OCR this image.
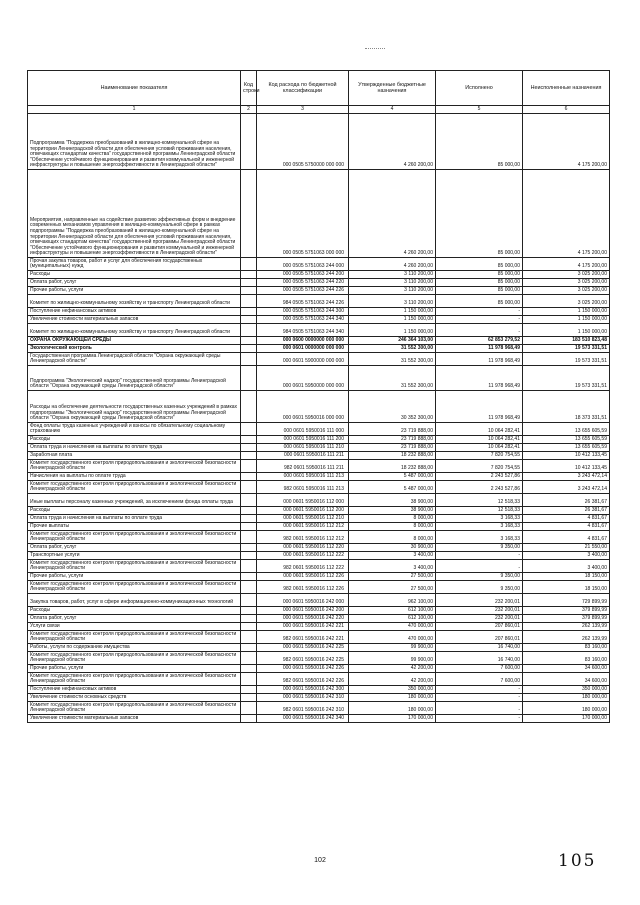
Наименование показателя	Код строки	Код расхода по бюджетной классификации	Утвержденные бюджетные назначения	Исполнено	Неисполненные назначения
1	2	3	4	5	6
Подпрограмма "Поддержка преобразований в жилищно-коммунальной сфере на территории Ленинградской области для обеспечения условий проживания населения, отвечающих стандартам качества" государственной программы Ленинградской области "Обеспечение устойчивого функционирования и развития коммунальной и инженерной инфраструктуры и повышение энергоэффективности в Ленинградской области"		000 0505 5750000 000 000	4 260 200,00	85 000,00	4 175 200,00
Мероприятия, направленные на содействие развитию эффективных форм и внедрение современных механизмов управления в жилищно-коммунальной сфере в рамках подпрограммы "Поддержка преобразований в жилищно-коммунальной сфере на территории Ленинградской области для обеспечения условий проживания населения, отвечающих стандартам качества" государственной программы Ленинградской области "Обеспечение устойчивого функционирования и развития коммунальной и инженерной инфраструктуры и повышение энергоэффективности в Ленинградской области"		000 0505 5751063 000 000	4 260 200,00	85 000,00	4 175 200,00
Прочая закупка товаров, работ и услуг для обеспечения государственных (муниципальных) нужд		000 0505 5751063 244 000	4 260 200,00	85 000,00	4 175 200,00
Расходы		000 0505 5751063 244 200	3 110 200,00	85 000,00	3 025 200,00
Оплата работ, услуг		000 0505 5751063 244 220	3 110 200,00	85 000,00	3 025 200,00
Прочие работы, услуги		000 0505 5751063 244 226	3 110 200,00	85 000,00	3 025 200,00
Комитет по жилищно-коммунальному хозяйству и транспорту Ленинградской области		984 0505 5751063 244 226	3 110 200,00	85 000,00	3 025 200,00
Поступление нефинансовых активов		000 0505 5751063 244 300	1 150 000,00	-	1 150 000,00
Увеличение стоимости материальных запасов		000 0505 5751063 244 340	1 150 000,00	-	1 150 000,00
Комитет по жилищно-коммунальному хозяйству и транспорту Ленинградской области		984 0505 5751063 244 340	1 150 000,00	-	1 150 000,00
ОХРАНА ОКРУЖАЮЩЕЙ СРЕДЫ		000 0600 0000000 000 000	246 364 103,00	62 853 279,52	183 510 823,48
Экологический контроль		000 0601 0000000 000 000	31 552 300,00	11 978 968,49	19 573 331,51
Государственная программа Ленинградской области "Охрана окружающей среды Ленинградской области"		000 0601 5900000 000 000	31 552 300,00	11 978 968,49	19 573 331,51
Подпрограмма "Экологический надзор" государственной программы Ленинградской области "Охрана окружающей среды Ленинградской области"		000 0601 5950000 000 000	31 552 300,00	11 978 968,49	19 573 331,51
Расходы на обеспечение деятельности государственных казенных учреждений в рамках подпрограммы "Экологический надзор" государственной программы Ленинградской области "Охрана окружающей среды Ленинградской области"		000 0601 5950016 000 000	30 352 300,00	11 978 968,49	18 373 331,51
Фонд оплаты труда казенных учреждений и взносы по обязательному социальному страхованию		000 0601 5950016 111 000	23 719 888,00	10 064 282,41	13 655 605,59
Расходы		000 0601 5950016 111 200	23 719 888,00	10 064 282,41	13 655 605,59
Оплата труда и начисления на выплаты по оплате труда		000 0601 5950016 111 210	23 719 888,00	10 064 282,41	13 655 605,59
Заработная плата		000 0601 5950016 111 211	18 232 888,00	7 820 754,55	10 412 133,45
Комитет государственного контроля природопользования и экологической безопасности Ленинградской области		982 0601 5950016 111 211	18 232 888,00	7 820 754,55	10 412 133,45
Начисления на выплаты по оплате труда		000 0601 5950016 111 213	5 487 000,00	2 243 527,86	3 243 472,14
Комитет государственного контроля природопользования и экологической безопасности Ленинградской области		982 0601 5950016 111 213	5 487 000,00	2 243 527,86	3 243 472,14
Иные выплаты персоналу казенных учреждений, за исключением фонда оплаты труда		000 0601 5950016 112 000	38 900,00	12 518,33	26 381,67
Расходы		000 0601 5950016 112 200	38 900,00	12 518,33	26 381,67
Оплата труда и начисления на выплаты по оплате труда		000 0601 5950016 112 210	8 000,00	3 168,33	4 831,67
Прочие выплаты		000 0601 5950016 112 212	8 000,00	3 168,33	4 831,67
Комитет государственного контроля природопользования и экологической безопасности Ленинградской области		982 0601 5950016 112 212	8 000,00	3 168,33	4 831,67
Оплата работ, услуг		000 0601 5950016 112 220	30 900,00	9 350,00	21 550,00
Транспортные услуги		000 0601 5950016 112 222	3 400,00	-	3 400,00
Комитет государственного контроля природопользования и экологической безопасности Ленинградской области		982 0601 5950016 112 222	3 400,00	-	3 400,00
Прочие работы, услуги		000 0601 5950016 112 226	27 500,00	9 350,00	18 150,00
Комитет государственного контроля природопользования и экологической безопасности Ленинградской области		982 0601 5950016 112 226	27 500,00	9 350,00	18 150,00
Закупка товаров, работ, услуг в сфере информационно-коммуникационных технологий		000 0601 5950016 242 000	962 100,00	232 200,01	729 899,99
Расходы		000 0601 5950016 242 200	612 100,00	232 200,01	379 899,99
Оплата работ, услуг		000 0601 5950016 242 220	612 100,00	232 200,01	379 899,99
Услуги связи		000 0601 5950016 242 221	470 000,00	207 860,01	262 139,99
Комитет государственного контроля природопользования и экологической безопасности Ленинградской области		982 0601 5950016 242 221	470 000,00	207 860,01	262 139,99
Работы, услуги по содержанию имущества		000 0601 5950016 242 225	99 900,00	16 740,00	83 160,00
Комитет государственного контроля природопользования и экологической безопасности Ленинградской области		982 0601 5950016 242 225	99 900,00	16 740,00	83 160,00
Прочие работы, услуги		000 0601 5950016 242 226	42 200,00	7 600,00	34 600,00
Комитет государственного контроля природопользования и экологической безопасности Ленинградской области		982 0601 5950016 242 226	42 200,00	7 600,00	34 600,00
Поступление нефинансовых активов		000 0601 5950016 242 300	350 000,00	-	350 000,00
Увеличение стоимости основных средств		000 0601 5950016 242 310	180 000,00	-	180 000,00
Комитет государственного контроля природопользования и экологической безопасности Ленинградской области		982 0601 5950016 242 310	180 000,00	-	180 000,00
Увеличение стоимости материальных запасов		000 0601 5950016 242 340	170 000,00	-	170 000,00
102	105
